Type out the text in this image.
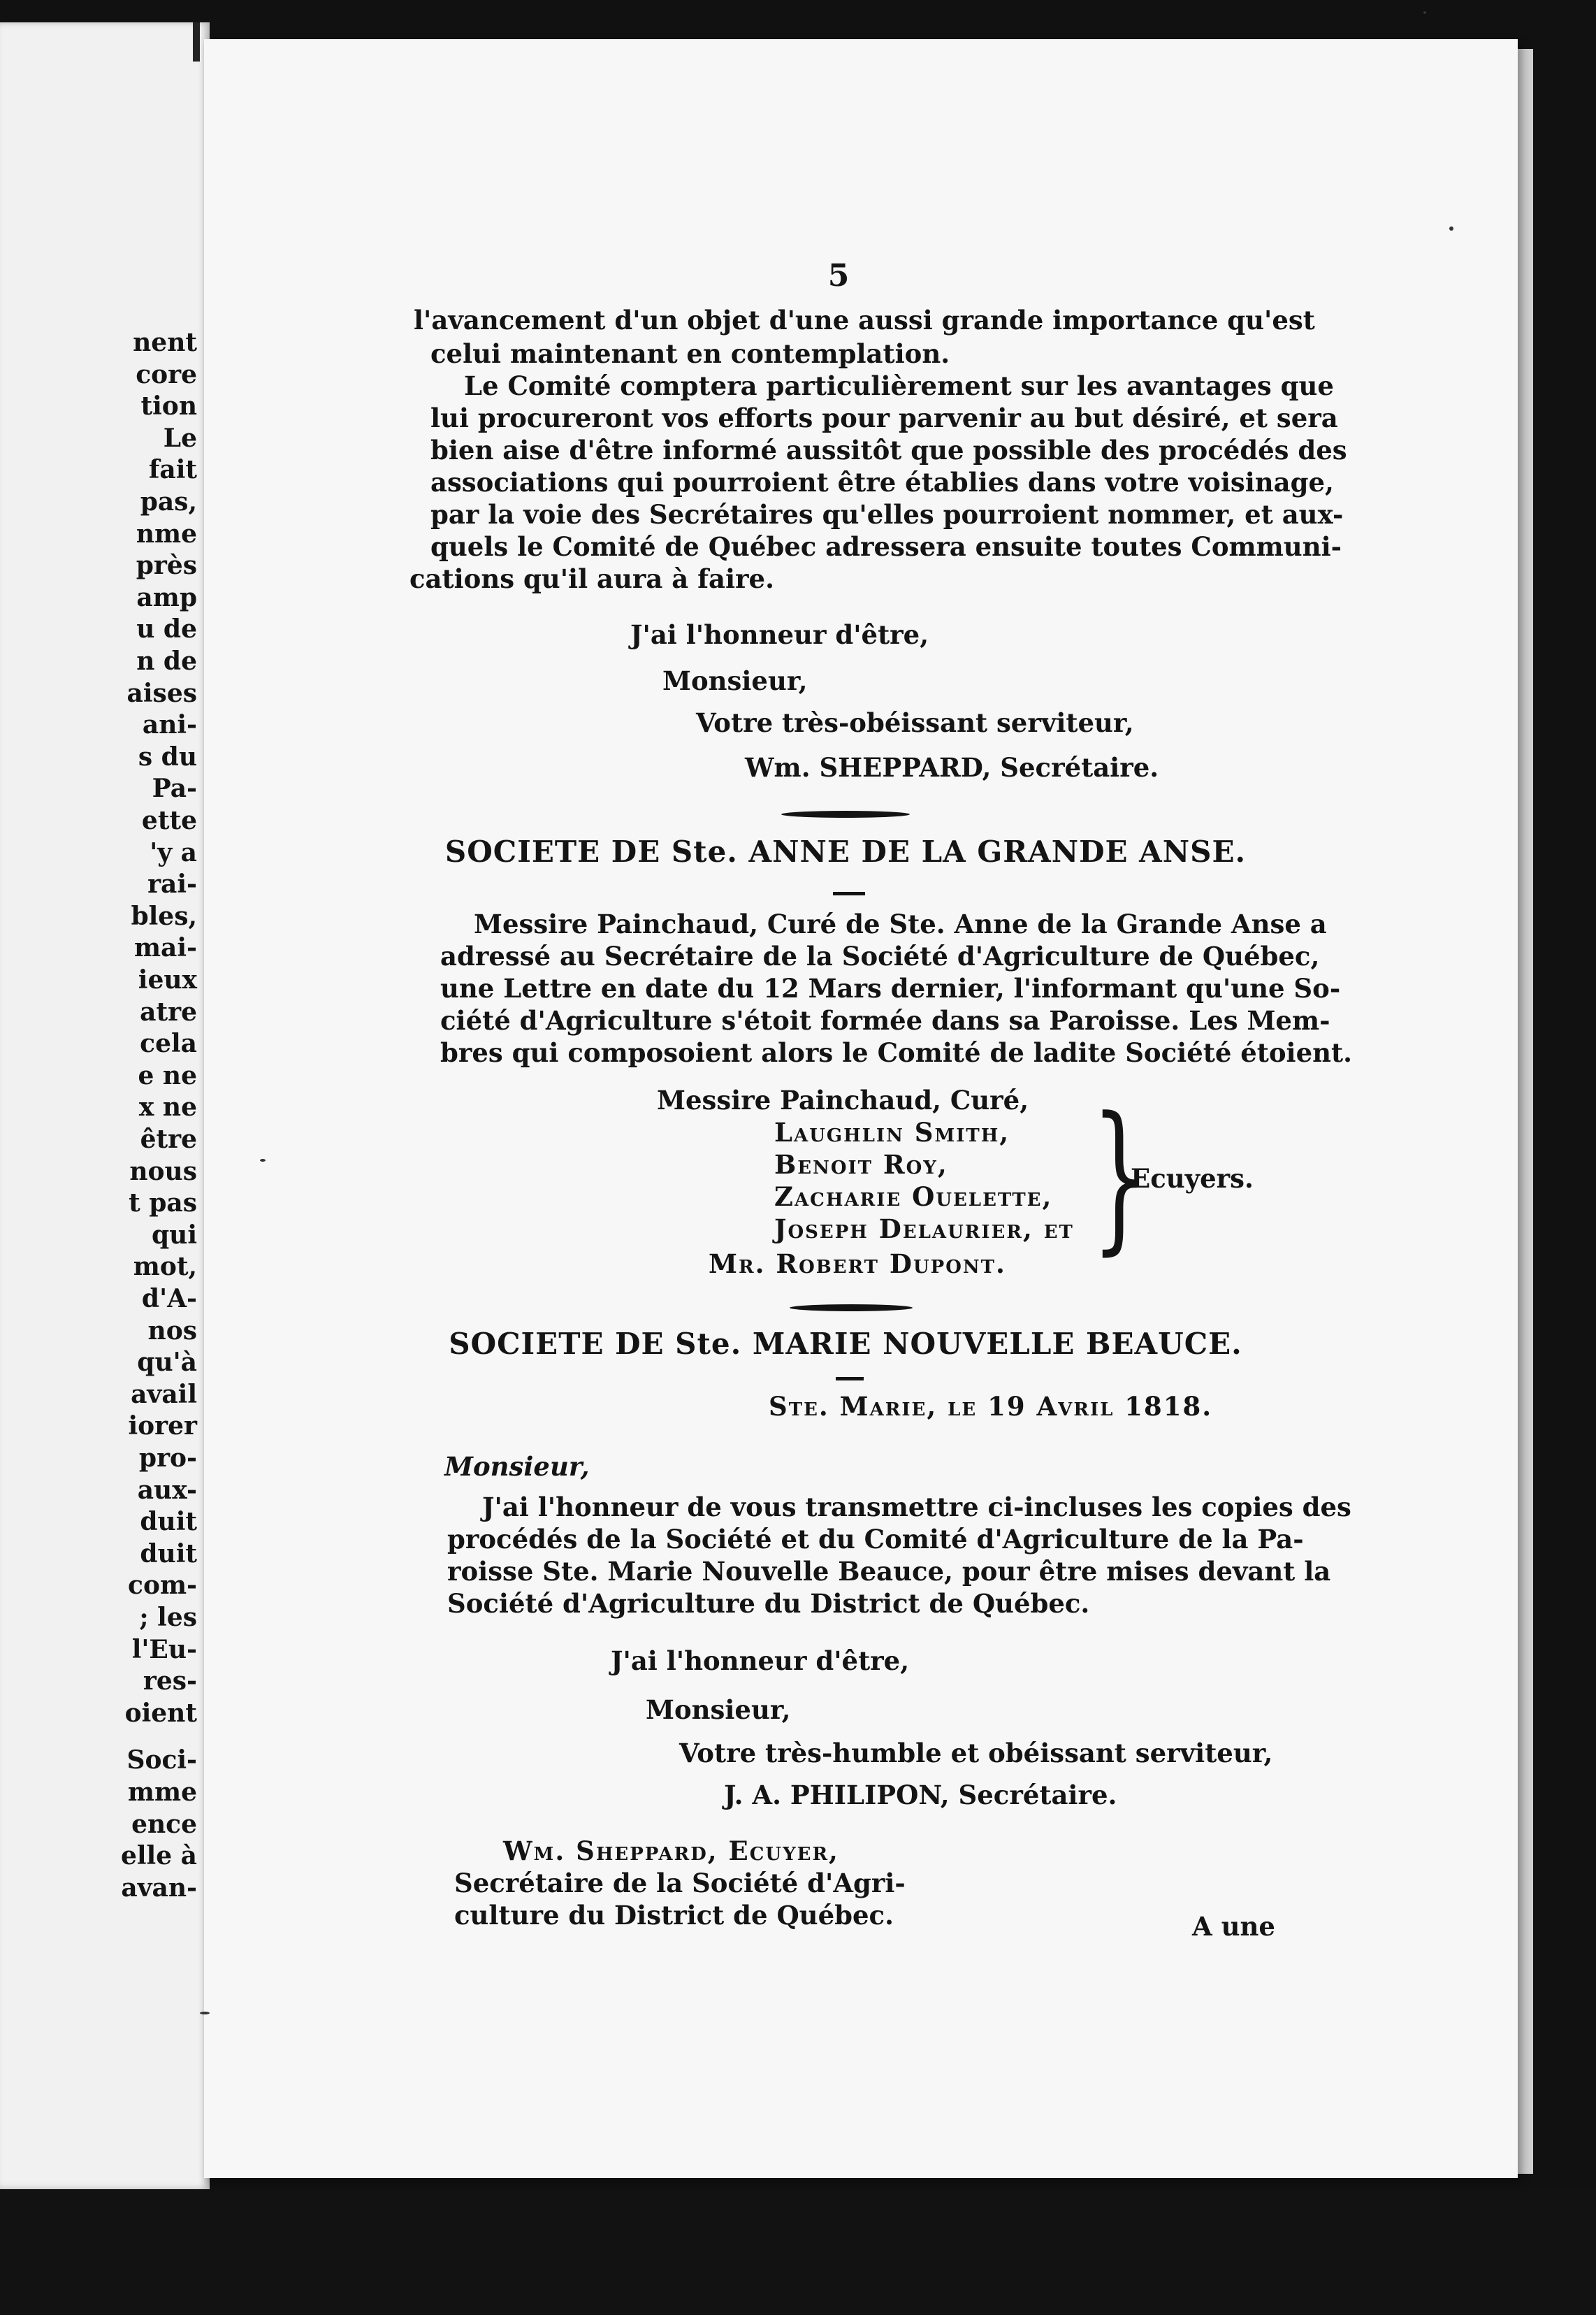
nent

core

tion

Le

fait

pas,

nme

près

amp

u de

n de

aises

ani-

s du

Pa-

ette

'y a

rai-

bles,

mai-

ieux

atre

cela

e ne

x ne

être

nous

t pas

qui

mot,

d'A-

nos

qu'à

avail

iorer

pro-

aux-

duit

duit

com-

; les

l'Eu-

res-

oient

Soci-

mme

ence

elle à

avan-

5

l'avancement d'un objet d'une aussi grande importance qu'est

celui maintenant en contemplation.

Le Comité comptera particulièrement sur les avantages que

lui procureront vos efforts pour parvenir au but désiré, et sera

bien aise d'être informé aussitôt que possible des procédés des

associations qui pourroient être établies dans votre voisinage,

par la voie des Secrétaires qu'elles pourroient nommer, et aux-

quels le Comité de Québec adressera ensuite toutes Communi-

cations qu'il aura à faire.

J'ai l'honneur d'être,

Monsieur,

Votre très-obéissant serviteur,

Wm. SHEPPARD, Secrétaire.

SOCIETE DE Ste. ANNE DE LA GRANDE ANSE.

Messire Painchaud, Curé de Ste. Anne de la Grande Anse a

adressé au Secrétaire de la Société d'Agriculture de Québec,

une Lettre en date du 12 Mars dernier, l'informant qu'une So-

ciété d'Agriculture s'étoit formée dans sa Paroisse. Les Mem-

bres qui composoient alors le Comité de ladite Société étoient.

Messire Painchaud, Curé,

Laughlin Smith,

Benoit Roy,

Zacharie Ouelette,

Joseph Delaurier, et }

Ecuyers.

Mr. Robert Dupont.

SOCIETE DE Ste. MARIE NOUVELLE BEAUCE.

Ste. Marie, le 19 Avril 1818.

Monsieur,

J'ai l'honneur de vous transmettre ci-incluses les copies des

procédés de la Société et du Comité d'Agriculture de la Pa-

roisse Ste. Marie Nouvelle Beauce, pour être mises devant la

Société d'Agriculture du District de Québec.

J'ai l'honneur d'être,

Monsieur,

Votre très-humble et obéissant serviteur,

J. A. PHILIPON, Secrétaire.

Wm. Sheppard, Ecuyer,

Secrétaire de la Société d'Agri-

culture du District de Québec.	A une
